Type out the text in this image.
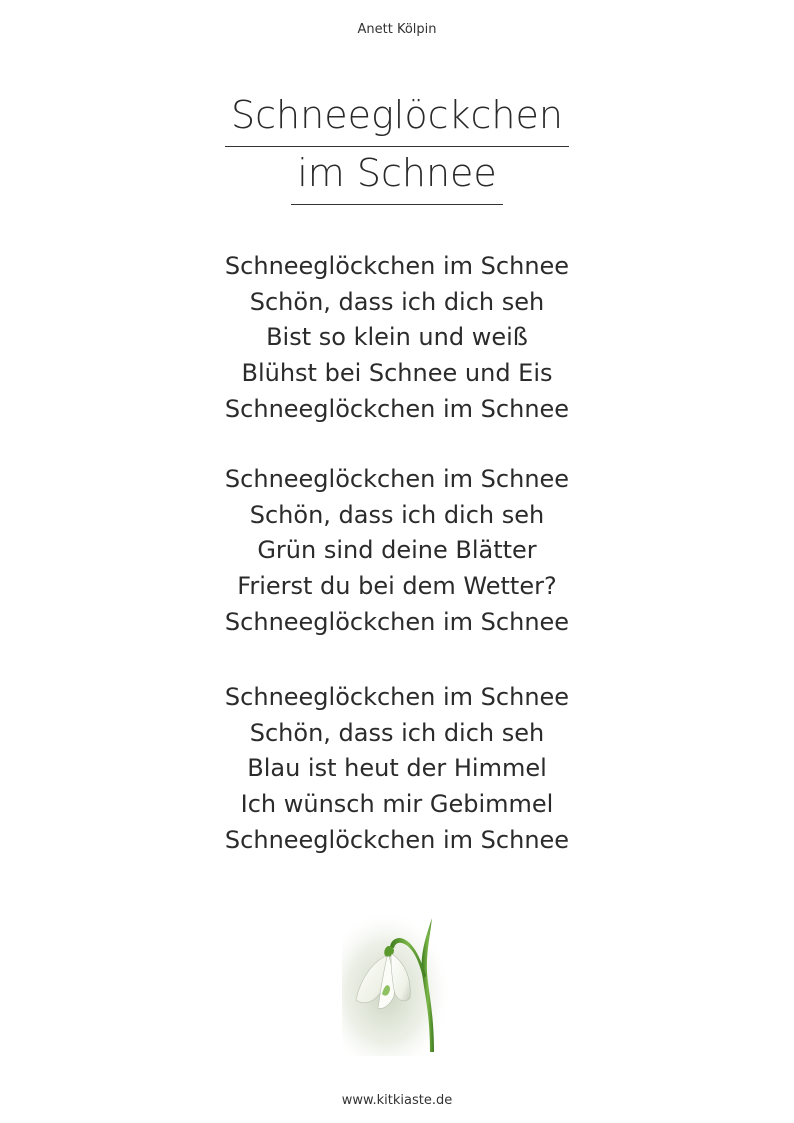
Anett Kölpin
Schneeglöckchen
im Schnee
Schneeglöckchen im Schnee
Schön, dass ich dich seh
Bist so klein und weiß
Blühst bei Schnee und Eis
Schneeglöckchen im Schnee
Schneeglöckchen im Schnee
Schön, dass ich dich seh
Grün sind deine Blätter
Frierst du bei dem Wetter?
Schneeglöckchen im Schnee
Schneeglöckchen im Schnee
Schön, dass ich dich seh
Blau ist heut der Himmel
Ich wünsch mir Gebimmel
Schneeglöckchen im Schnee
www.kitkiaste.de
